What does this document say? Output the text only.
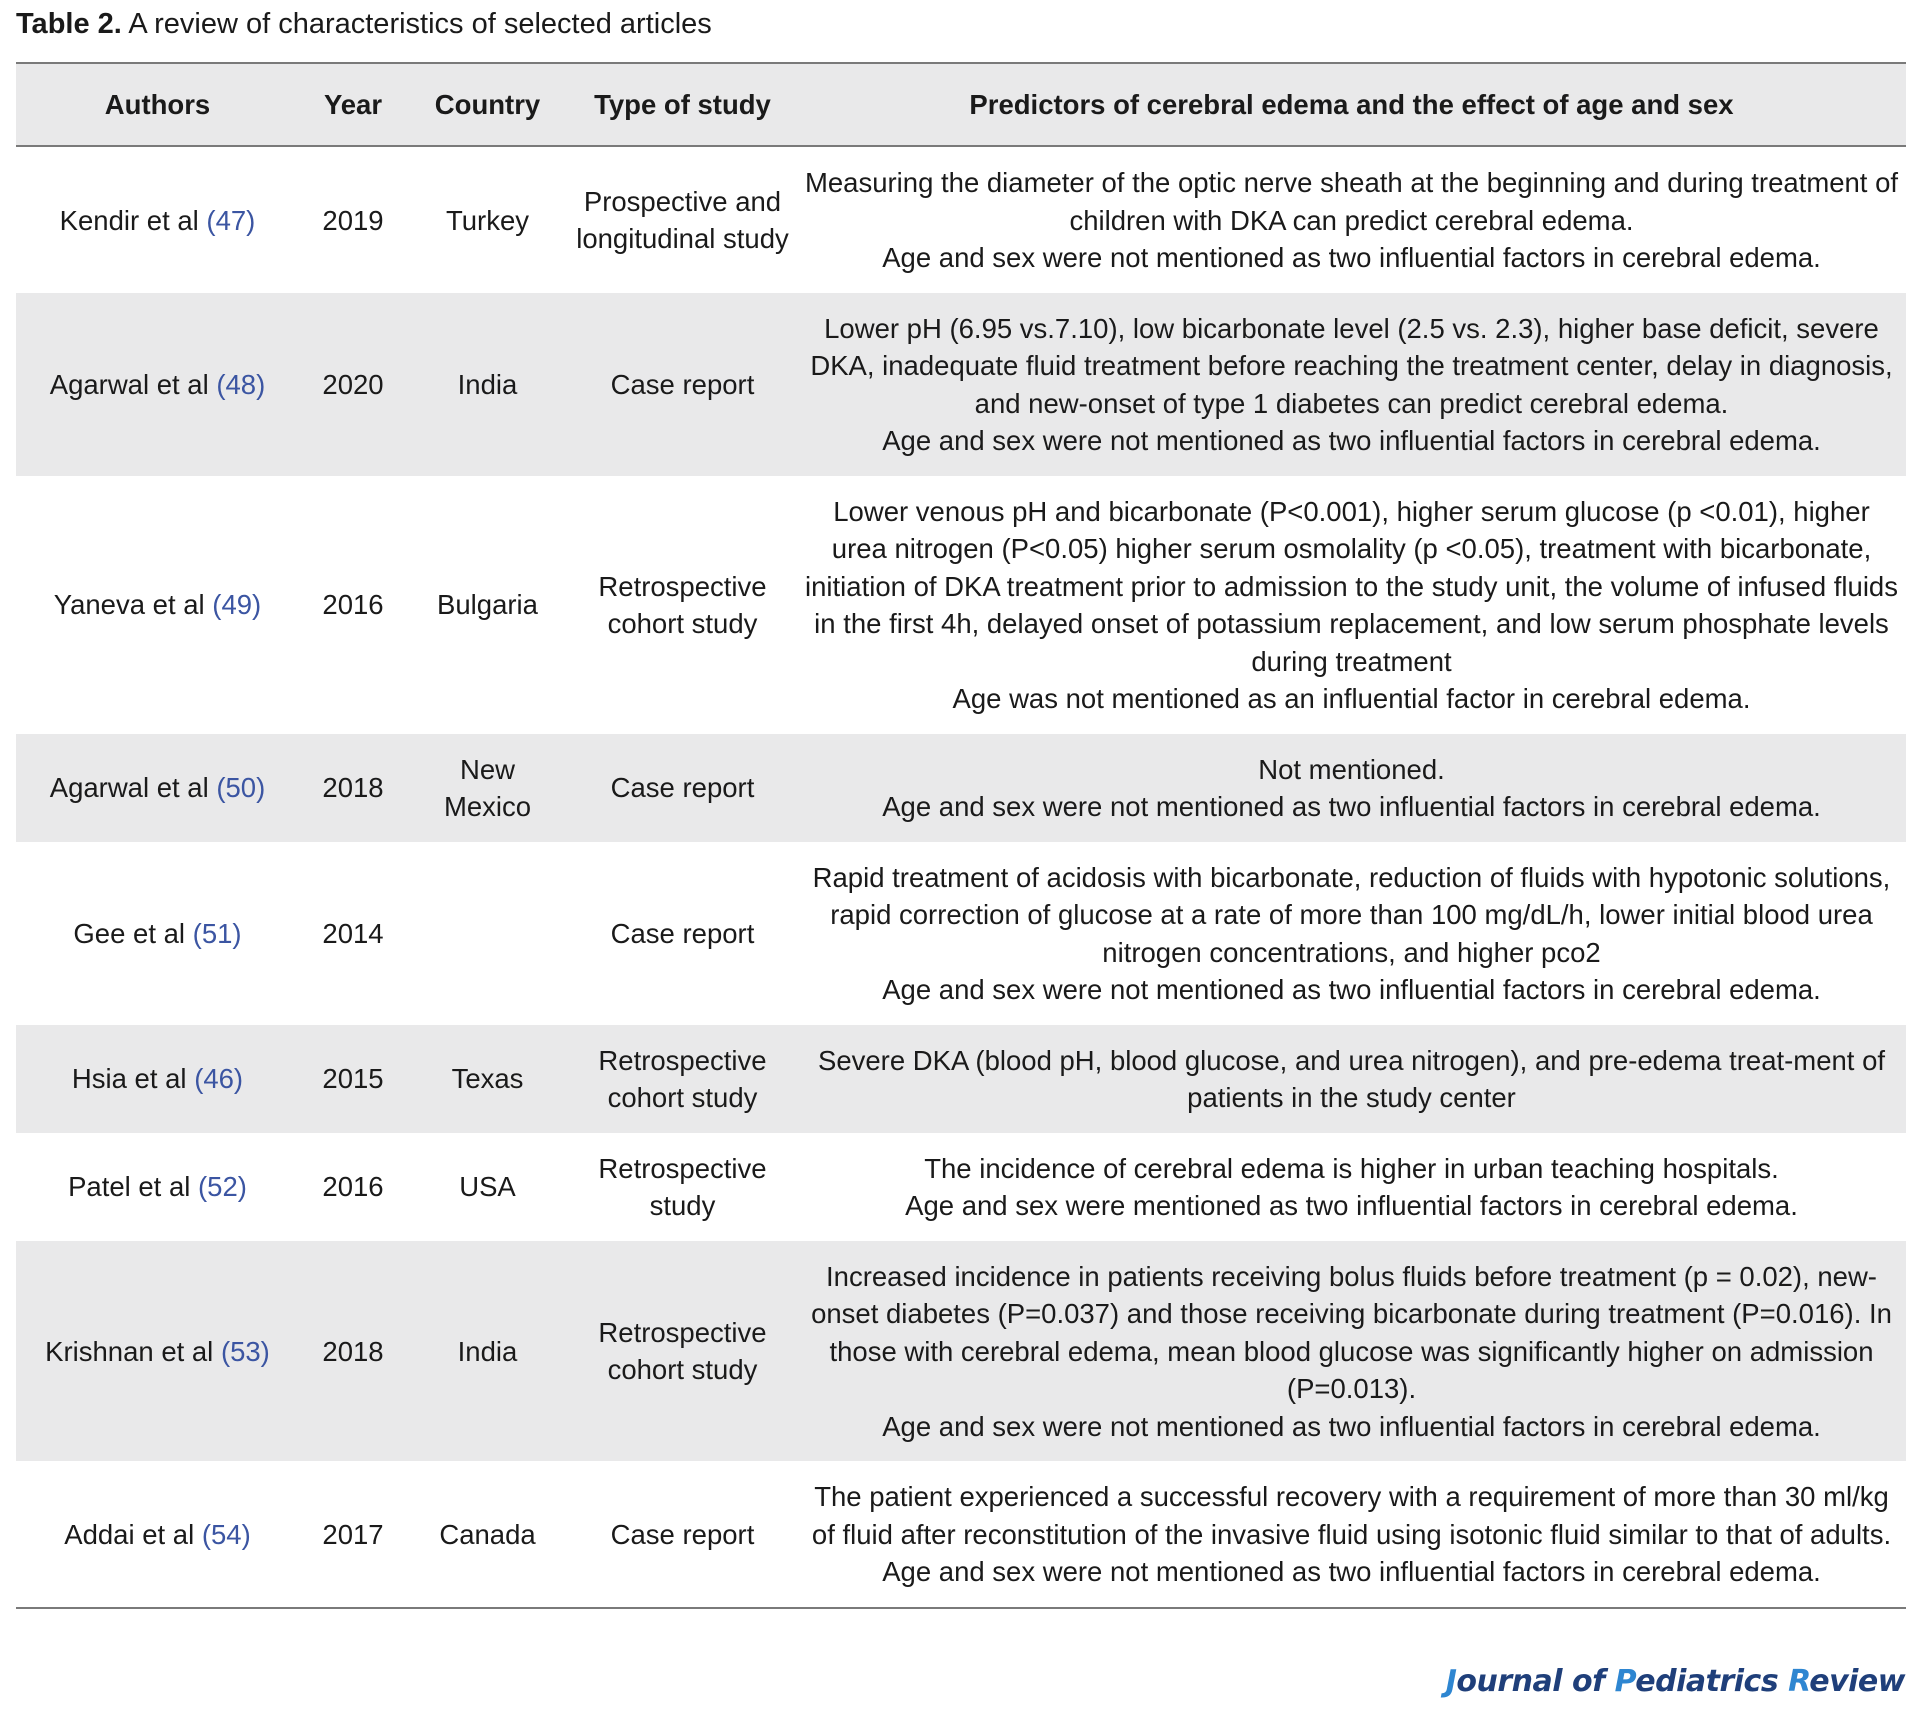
Table 2. A review of characteristics of selected articles
Authors	Year	Country	Type of study	Predictors of cerebral edema and the effect of age and sex
Kendir et al (47)	2019	Turkey	Prospective and longitudinal study	Measuring the diameter of the optic nerve sheath at the beginning and during treatment of children with DKA can predict cerebral edema.
Age and sex were not mentioned as two influential factors in cerebral edema.

Agarwal et al (48)	2020	India	Case report	Lower pH (6.95 vs.7.10), low bicarbonate level (2.5 vs. 2.3), higher base deficit, severe DKA, inadequate fluid treatment before reaching the treatment center, delay in diagnosis, and new-onset of type 1 diabetes can predict cerebral edema.
Age and sex were not mentioned as two influential factors in cerebral edema.

Yaneva et al (49)	2016	Bulgaria	Retrospective cohort study	Lower venous pH and bicarbonate (P<0.001), higher serum glucose (p <0.01), higher urea nitrogen (P<0.05) higher serum osmolality (p <0.05), treatment with bicarbonate, initiation of DKA treatment prior to admission to the study unit, the volume of infused fluids in the first 4h, delayed onset of potassium replacement, and low serum phosphate levels during treatment
Age was not mentioned as an influential factor in cerebral edema.

Agarwal et al (50)	2018	New Mexico	Case report	Not mentioned.
Age and sex were not mentioned as two influential factors in cerebral edema.

Gee et al (51)	2014		Case report	Rapid treatment of acidosis with bicarbonate, reduction of fluids with hypotonic solutions, rapid correction of glucose at a rate of more than 100 mg/dL/h, lower initial blood urea nitrogen concentrations, and higher pco2
Age and sex were not mentioned as two influential factors in cerebral edema.

Hsia et al (46)	2015	Texas	Retrospective cohort study	Severe DKA (blood pH, blood glucose, and urea nitrogen), and pre-edema treat-ment of patients in the study center

Patel et al (52)	2016	USA	Retrospective study	The incidence of cerebral edema is higher in urban teaching hospitals.
Age and sex were mentioned as two influential factors in cerebral edema.

Krishnan et al (53)	2018	India	Retrospective cohort study	Increased incidence in patients receiving bolus fluids before treatment (p = 0.02), new-onset diabetes (P=0.037) and those receiving bicarbonate during treatment (P=0.016). In those with cerebral edema, mean blood glucose was significantly higher on admission (P=0.013).
Age and sex were not mentioned as two influential factors in cerebral edema.

Addai et al (54)	2017	Canada	Case report	The patient experienced a successful recovery with a requirement of more than 30 ml/kg of fluid after reconstitution of the invasive fluid using isotonic fluid similar to that of adults.
Age and sex were not mentioned as two influential factors in cerebral edema.
Journal of Pediatrics Review
